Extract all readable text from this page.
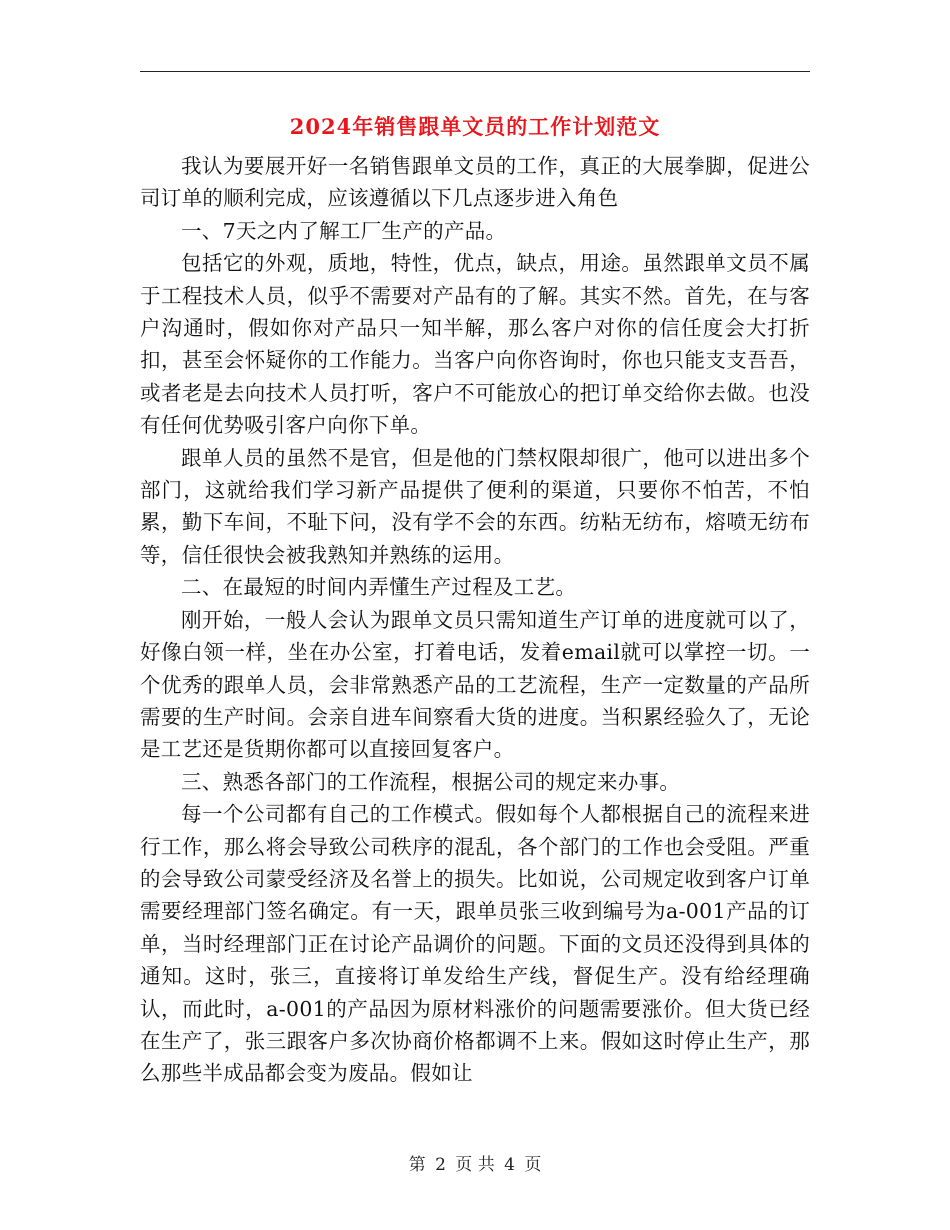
2024年销售跟单文员的工作计划范文

我认为要展开好一名销售跟单文员的工作，真正的大展拳脚，促进公司订单的顺利完成，应该遵循以下几点逐步进入角色

一、7天之内了解工厂生产的产品。

包括它的外观，质地，特性，优点，缺点，用途。虽然跟单文员不属于工程技术人员，似乎不需要对产品有的了解。其实不然。首先，在与客户沟通时，假如你对产品只一知半解，那么客户对你的信任度会大打折扣，甚至会怀疑你的工作能力。当客户向你咨询时，你也只能支支吾吾，或者老是去向技术人员打听，客户不可能放心的把订单交给你去做。也没有任何优势吸引客户向你下单。

跟单人员的虽然不是官，但是他的门禁权限却很广，他可以进出多个部门，这就给我们学习新产品提供了便利的渠道，只要你不怕苦，不怕累，勤下车间，不耻下问，没有学不会的东西。纺粘无纺布，熔喷无纺布等，信任很快会被我熟知并熟练的运用。

二、在最短的时间内弄懂生产过程及工艺。

刚开始，一般人会认为跟单文员只需知道生产订单的进度就可以了，好像白领一样，坐在办公室，打着电话，发着email就可以掌控一切。一个优秀的跟单人员，会非常熟悉产品的工艺流程，生产一定数量的产品所需要的生产时间。会亲自进车间察看大货的进度。当积累经验久了，无论是工艺还是货期你都可以直接回复客户。

三、熟悉各部门的工作流程，根据公司的规定来办事。

每一个公司都有自己的工作模式。假如每个人都根据自己的流程来进行工作，那么将会导致公司秩序的混乱，各个部门的工作也会受阻。严重的会导致公司蒙受经济及名誉上的损失。比如说，公司规定收到客户订单需要经理部门签名确定。有一天，跟单员张三收到编号为a-001产品的订单，当时经理部门正在讨论产品调价的问题。下面的文员还没得到具体的通知。这时，张三，直接将订单发给生产线，督促生产。没有给经理确认，而此时，a-001的产品因为原材料涨价的问题需要涨价。但大货已经在生产了，张三跟客户多次协商价格都调不上来。假如这时停止生产，那么那些半成品都会变为废品。假如让

第 2 页 共 4 页
